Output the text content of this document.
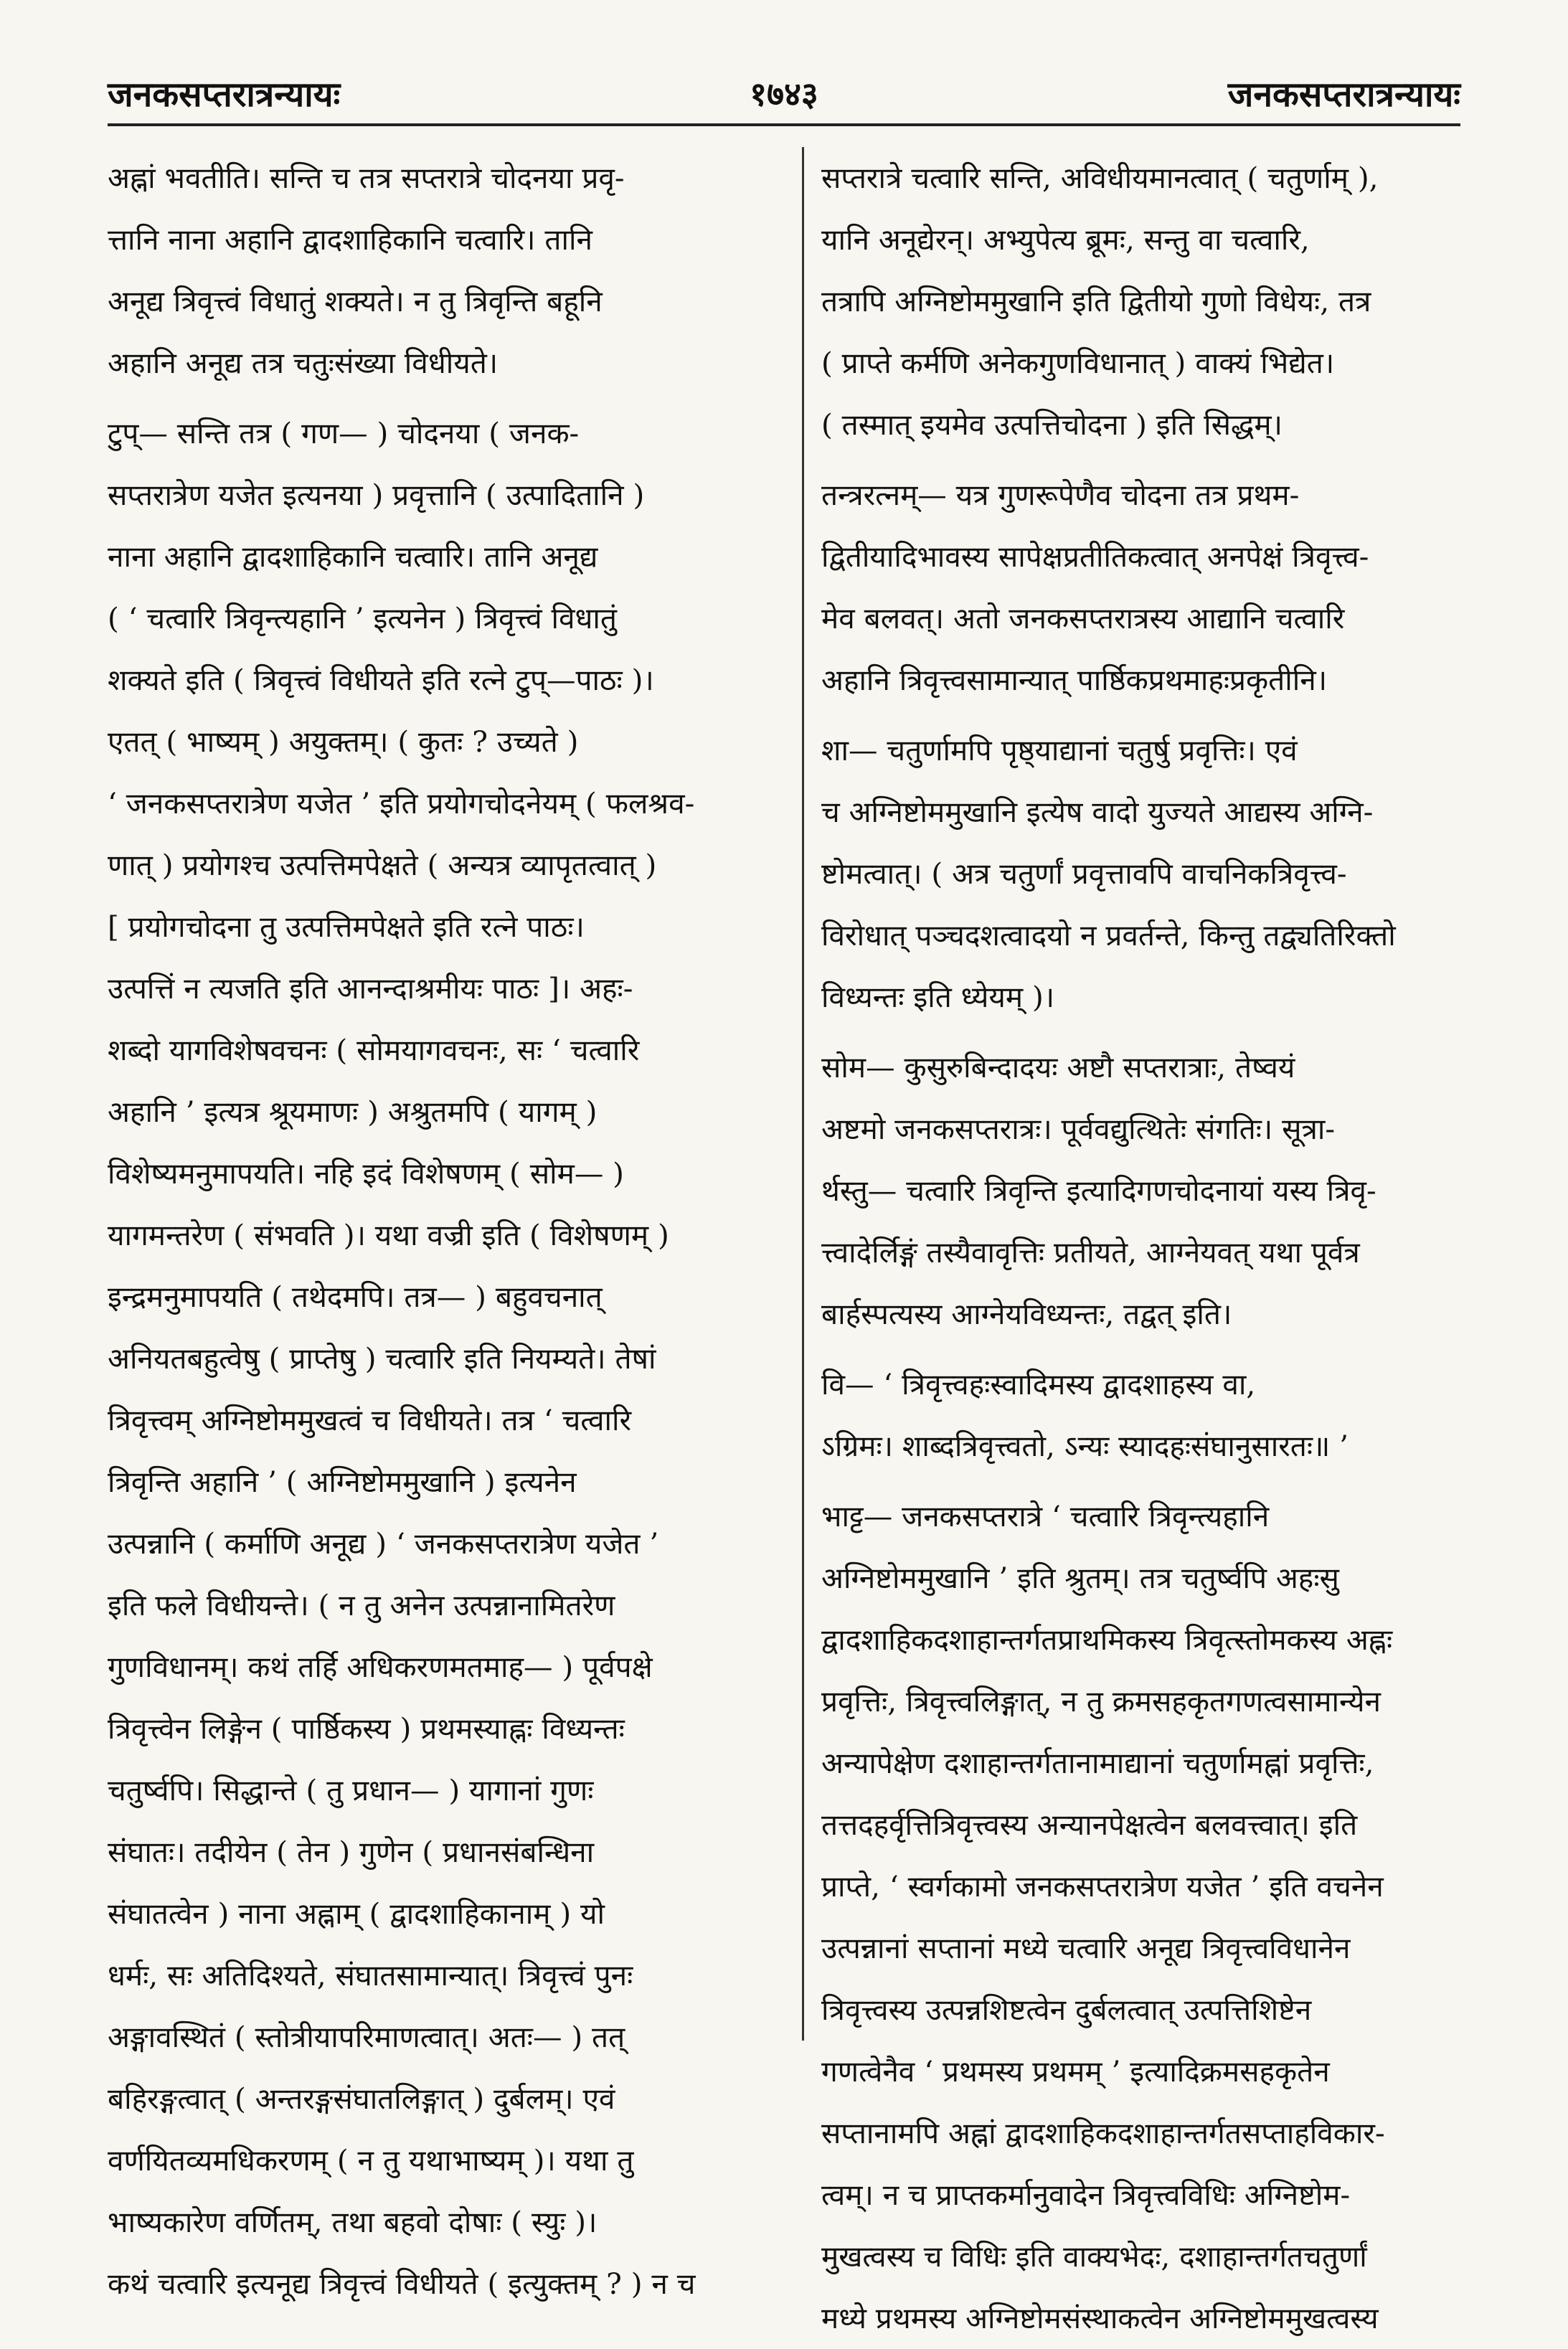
जनकसप्तरात्रन्यायः	१७४३	जनकसप्तरात्रन्यायः
अह्नां भवतीति। सन्ति च तत्र सप्तरात्रे चोदनया प्रवृ-
त्तानि नाना अहानि द्वादशाहिकानि चत्वारि। तानि
अनूद्य त्रिवृत्त्वं विधातुं शक्यते। न तु त्रिवृन्ति बहूनि
अहानि अनूद्य तत्र चतुःसंख्या विधीयते।
टुप्— सन्ति तत्र ( गण— ) चोदनया ( जनक-
सप्तरात्रेण यजेत इत्यनया ) प्रवृत्तानि ( उत्पादितानि )
नाना अहानि द्वादशाहिकानि चत्वारि। तानि अनूद्य
( ‘ चत्वारि त्रिवृन्त्यहानि ’ इत्यनेन ) त्रिवृत्त्वं विधातुं
शक्यते इति ( त्रिवृत्त्वं विधीयते इति रत्ने टुप्—पाठः )।
एतत् ( भाष्यम् ) अयुक्तम्। ( कुतः ? उच्यते )
‘ जनकसप्तरात्रेण यजेत ’ इति प्रयोगचोदनेयम् ( फलश्रव-
णात् ) प्रयोगश्च उत्पत्तिमपेक्षते ( अन्यत्र व्यापृतत्वात् )
[ प्रयोगचोदना तु उत्पत्तिमपेक्षते इति रत्ने पाठः।
उत्पत्तिं न त्यजति इति आनन्दाश्रमीयः पाठः ]। अहः-
शब्दो यागविशेषवचनः ( सोमयागवचनः, सः ‘ चत्वारि
अहानि ’ इत्यत्र श्रूयमाणः ) अश्रुतमपि ( यागम् )
विशेष्यमनुमापयति। नहि इदं विशेषणम् ( सोम— )
यागमन्तरेण ( संभवति )। यथा वज्री इति ( विशेषणम् )
इन्द्रमनुमापयति ( तथेदमपि। तत्र— ) बहुवचनात्
अनियतबहुत्वेषु ( प्राप्तेषु ) चत्वारि इति नियम्यते। तेषां
त्रिवृत्त्वम् अग्निष्टोममुखत्वं च विधीयते। तत्र ‘ चत्वारि
त्रिवृन्ति अहानि ’ ( अग्निष्टोममुखानि ) इत्यनेन
उत्पन्नानि ( कर्माणि अनूद्य ) ‘ जनकसप्तरात्रेण यजेत ’
इति फले विधीयन्ते। ( न तु अनेन उत्पन्नानामितरेण
गुणविधानम्। कथं तर्हि अधिकरणमतमाह— ) पूर्वपक्षे
त्रिवृत्त्वेन लिङ्गेन ( पार्ष्ठिकस्य ) प्रथमस्याह्नः विध्यन्तः
चतुर्ष्वपि। सिद्धान्ते ( तु प्रधान— ) यागानां गुणः
संघातः। तदीयेन ( तेन ) गुणेन ( प्रधानसंबन्धिना
संघातत्वेन ) नाना अह्नाम् ( द्वादशाहिकानाम् ) यो
धर्मः, सः अतिदिश्यते, संघातसामान्यात्। त्रिवृत्त्वं पुनः
अङ्गावस्थितं ( स्तोत्रीयापरिमाणत्वात्। अतः— ) तत्
बहिरङ्गत्वात् ( अन्तरङ्गसंघातलिङ्गात् ) दुर्बलम्। एवं
वर्णयितव्यमधिकरणम् ( न तु यथाभाष्यम् )। यथा तु
भाष्यकारेण वर्णितम्, तथा बहवो दोषाः ( स्युः )।
कथं चत्वारि इत्यनूद्य त्रिवृत्त्वं विधीयते ( इत्युक्तम् ? ) न च
सप्तरात्रे चत्वारि सन्ति, अविधीयमानत्वात् ( चतुर्णाम् ),
यानि अनूद्येरन्। अभ्युपेत्य ब्रूमः, सन्तु वा चत्वारि,
तत्रापि अग्निष्टोममुखानि इति द्वितीयो गुणो विधेयः, तत्र
( प्राप्ते कर्मणि अनेकगुणविधानात् ) वाक्यं भिद्येत।
( तस्मात् इयमेव उत्पत्तिचोदना ) इति सिद्धम्।
तन्त्ररत्नम्— यत्र गुणरूपेणैव चोदना तत्र प्रथम-
द्वितीयादिभावस्य सापेक्षप्रतीतिकत्वात् अनपेक्षं त्रिवृत्त्व-
मेव बलवत्। अतो जनकसप्तरात्रस्य आद्यानि चत्वारि
अहानि त्रिवृत्त्वसामान्यात् पार्ष्ठिकप्रथमाहःप्रकृतीनि।
शा— चतुर्णामपि पृष्ठ्याद्यानां चतुर्षु प्रवृत्तिः। एवं
च अग्निष्टोममुखानि इत्येष वादो युज्यते आद्यस्य अग्नि-
ष्टोमत्वात्। ( अत्र चतुर्णां प्रवृत्तावपि वाचनिकत्रिवृत्त्व-
विरोधात् पञ्चदशत्वादयो न प्रवर्तन्ते, किन्तु तद्व्यतिरिक्तो
विध्यन्तः इति ध्येयम् )।
सोम— कुसुरुबिन्दादयः अष्टौ सप्तरात्राः, तेष्वयं
अष्टमो जनकसप्तरात्रः। पूर्ववद्युत्थितेः संगतिः। सूत्रा-
र्थस्तु— चत्वारि त्रिवृन्ति इत्यादिगणचोदनायां यस्य त्रिवृ-
त्त्वादेर्लिङ्गं तस्यैवावृत्तिः प्रतीयते, आग्नेयवत् यथा पूर्वत्र
बार्हस्पत्यस्य आग्नेयविध्यन्तः, तद्वत् इति।
वि— ‘ त्रिवृत्त्वहःस्वादिमस्य द्वादशाहस्य वा,
ऽग्रिमः। शाब्दत्रिवृत्त्वतो, ऽन्यः स्यादहःसंघानुसारतः॥ ’
भाट्ट— जनकसप्तरात्रे ‘ चत्वारि त्रिवृन्त्यहानि
अग्निष्टोममुखानि ’ इति श्रुतम्। तत्र चतुर्ष्वपि अहःसु
द्वादशाहिकदशाहान्तर्गतप्राथमिकस्य त्रिवृत्स्तोमकस्य अह्नः
प्रवृत्तिः, त्रिवृत्त्वलिङ्गात्, न तु क्रमसहकृतगणत्वसामान्येन
अन्यापेक्षेण दशाहान्तर्गतानामाद्यानां चतुर्णामह्नां प्रवृत्तिः,
तत्तदहर्वृत्तित्रिवृत्त्वस्य अन्यानपेक्षत्वेन बलवत्त्वात्। इति
प्राप्ते, ‘ स्वर्गकामो जनकसप्तरात्रेण यजेत ’ इति वचनेन
उत्पन्नानां सप्तानां मध्ये चत्वारि अनूद्य त्रिवृत्त्वविधानेन
त्रिवृत्त्वस्य उत्पन्नशिष्टत्वेन दुर्बलत्वात् उत्पत्तिशिष्टेन
गणत्वेनैव ‘ प्रथमस्य प्रथमम् ’ इत्यादिक्रमसहकृतेन
सप्तानामपि अह्नां द्वादशाहिकदशाहान्तर्गतसप्ताहविकार-
त्वम्। न च प्राप्तकर्मानुवादेन त्रिवृत्त्वविधिः अग्निष्टोम-
मुखत्वस्य च विधिः इति वाक्यभेदः, दशाहान्तर्गतचतुर्णां
मध्ये प्रथमस्य अग्निष्टोमसंस्थाकत्वेन अग्निष्टोममुखत्वस्य
